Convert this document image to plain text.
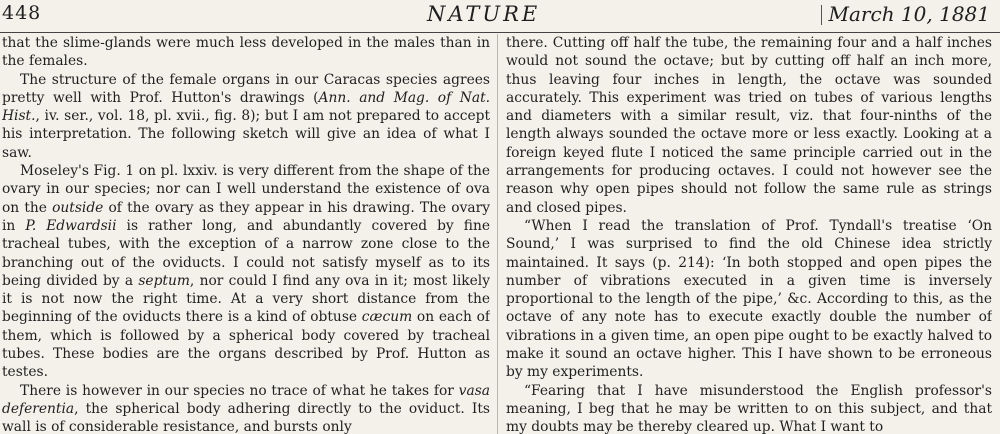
448	NATURE	March 10, 1881

that the slime-glands were much less developed in the males than in the females.

The structure of the female organs in our Caracas species agrees pretty well with Prof. Hutton's drawings (Ann. and Mag. of Nat. Hist., iv. ser., vol. 18, pl. xvii., fig. 8); but I am not prepared to accept his interpretation. The following sketch will give an idea of what I saw.

Moseley's Fig. 1 on pl. lxxiv. is very different from the shape of the ovary in our species; nor can I well understand the existence of ova on the outside of the ovary as they appear in his drawing. The ovary in P. Edwardsii is rather long, and abundantly covered by fine tracheal tubes, with the exception of a narrow zone close to the branching out of the oviducts. I could not satisfy myself as to its being divided by a septum, nor could I find any ova in it; most likely it is not now the right time. At a very short distance from the beginning of the oviducts there is a kind of obtuse cæcum on each of them, which is followed by a spherical body covered by tracheal tubes. These bodies are the organs described by Prof. Hutton as testes.

There is however in our species no trace of what he takes for vasa deferentia, the spherical body adhering directly to the oviduct. Its wall is of considerable resistance, and bursts only

there. Cutting off half the tube, the remaining four and a half inches would not sound the octave; but by cutting off half an inch more, thus leaving four inches in length, the octave was sounded accurately. This experiment was tried on tubes of various lengths and diameters with a similar result, viz. that four-ninths of the length always sounded the octave more or less exactly. Looking at a foreign keyed flute I noticed the same principle carried out in the arrangements for producing octaves. I could not however see the reason why open pipes should not follow the same rule as strings and closed pipes.

“When I read the translation of Prof. Tyndall's treatise ‘On Sound,’ I was surprised to find the old Chinese idea strictly maintained. It says (p. 214): ‘In both stopped and open pipes the number of vibrations executed in a given time is inversely proportional to the length of the pipe,’ &c. According to this, as the octave of any note has to execute exactly double the number of vibrations in a given time, an open pipe ought to be exactly halved to make it sound an octave higher. This I have shown to be erroneous by my experiments.

“Fearing that I have misunderstood the English professor's meaning, I beg that he may be written to on this subject, and that my doubts may be thereby cleared up. What I want to
